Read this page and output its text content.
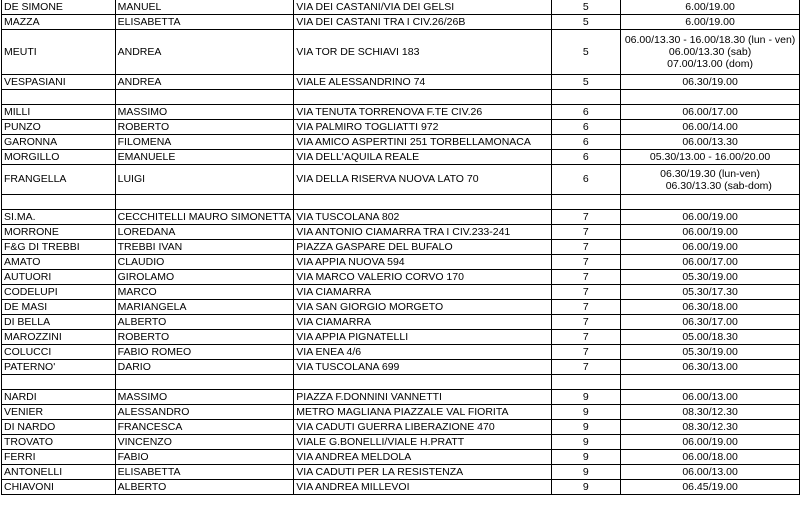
DE SIMONE	MANUEL	VIA DEI CASTANI/VIA DEI GELSI	5	6.00/19.00
MAZZA	ELISABETTA	VIA DEI CASTANI TRA I CIV.26/26B	5	6.00/19.00
MEUTI	ANDREA	VIA TOR DE SCHIAVI 183	5	06.00/13.30 - 16.00/18.30 (lun - ven)
06.00/13.30 (sab)
07.00/13.00 (dom)
VESPASIANI	ANDREA	VIALE ALESSANDRINO 74	5	06.30/19.00

MILLI	MASSIMO	VIA TENUTA TORRENOVA F.TE CIV.26	6	06.00/17.00
PUNZO	ROBERTO	VIA PALMIRO TOGLIATTI 972	6	06.00/14.00
GARONNA	FILOMENA	VIA AMICO ASPERTINI 251 TORBELLAMONACA	6	06.00/13.30
MORGILLO	EMANUELE	VIA DELL'AQUILA REALE	6	05.30/13.00 - 16.00/20.00
FRANGELLA	LUIGI	VIA DELLA RISERVA NUOVA LATO 70	6	06.30/19.30 (lun-ven)
06.30/13.30 (sab-dom)

SI.MA.	CECCHITELLI MAURO SIMONETTA	VIA TUSCOLANA 802	7	06.00/19.00
MORRONE	LOREDANA	VIA ANTONIO CIAMARRA TRA I CIV.233-241	7	06.00/19.00
F&G DI TREBBI	TREBBI IVAN	PIAZZA GASPARE DEL BUFALO	7	06.00/19.00
AMATO	CLAUDIO	VIA APPIA NUOVA 594	7	06.00/17.00
AUTUORI	GIROLAMO	VIA MARCO VALERIO CORVO 170	7	05.30/19.00
CODELUPI	MARCO	VIA CIAMARRA	7	05.30/17.30
DE MASI	MARIANGELA	VIA SAN GIORGIO MORGETO	7	06.30/18.00
DI BELLA	ALBERTO	VIA CIAMARRA	7	06.30/17.00
MAROZZINI	ROBERTO	VIA APPIA PIGNATELLI	7	05.00/18.30
COLUCCI	FABIO ROMEO	VIA ENEA 4/6	7	05.30/19.00
PATERNO'	DARIO	VIA TUSCOLANA 699	7	06.30/13.00

NARDI	MASSIMO	PIAZZA F.DONNINI VANNETTI	9	06.00/13.00
VENIER	ALESSANDRO	METRO MAGLIANA PIAZZALE VAL FIORITA	9	08.30/12.30
DI NARDO	FRANCESCA	VIA CADUTI GUERRA LIBERAZIONE 470	9	08.30/12.30
TROVATO	VINCENZO	VIALE G.BONELLI/VIALE H.PRATT	9	06.00/19.00
FERRI	FABIO	VIA ANDREA MELDOLA	9	06.00/18.00
ANTONELLI	ELISABETTA	VIA CADUTI PER LA RESISTENZA	9	06.00/13.00
CHIAVONI	ALBERTO	VIA ANDREA MILLEVOI	9	06.45/19.00
